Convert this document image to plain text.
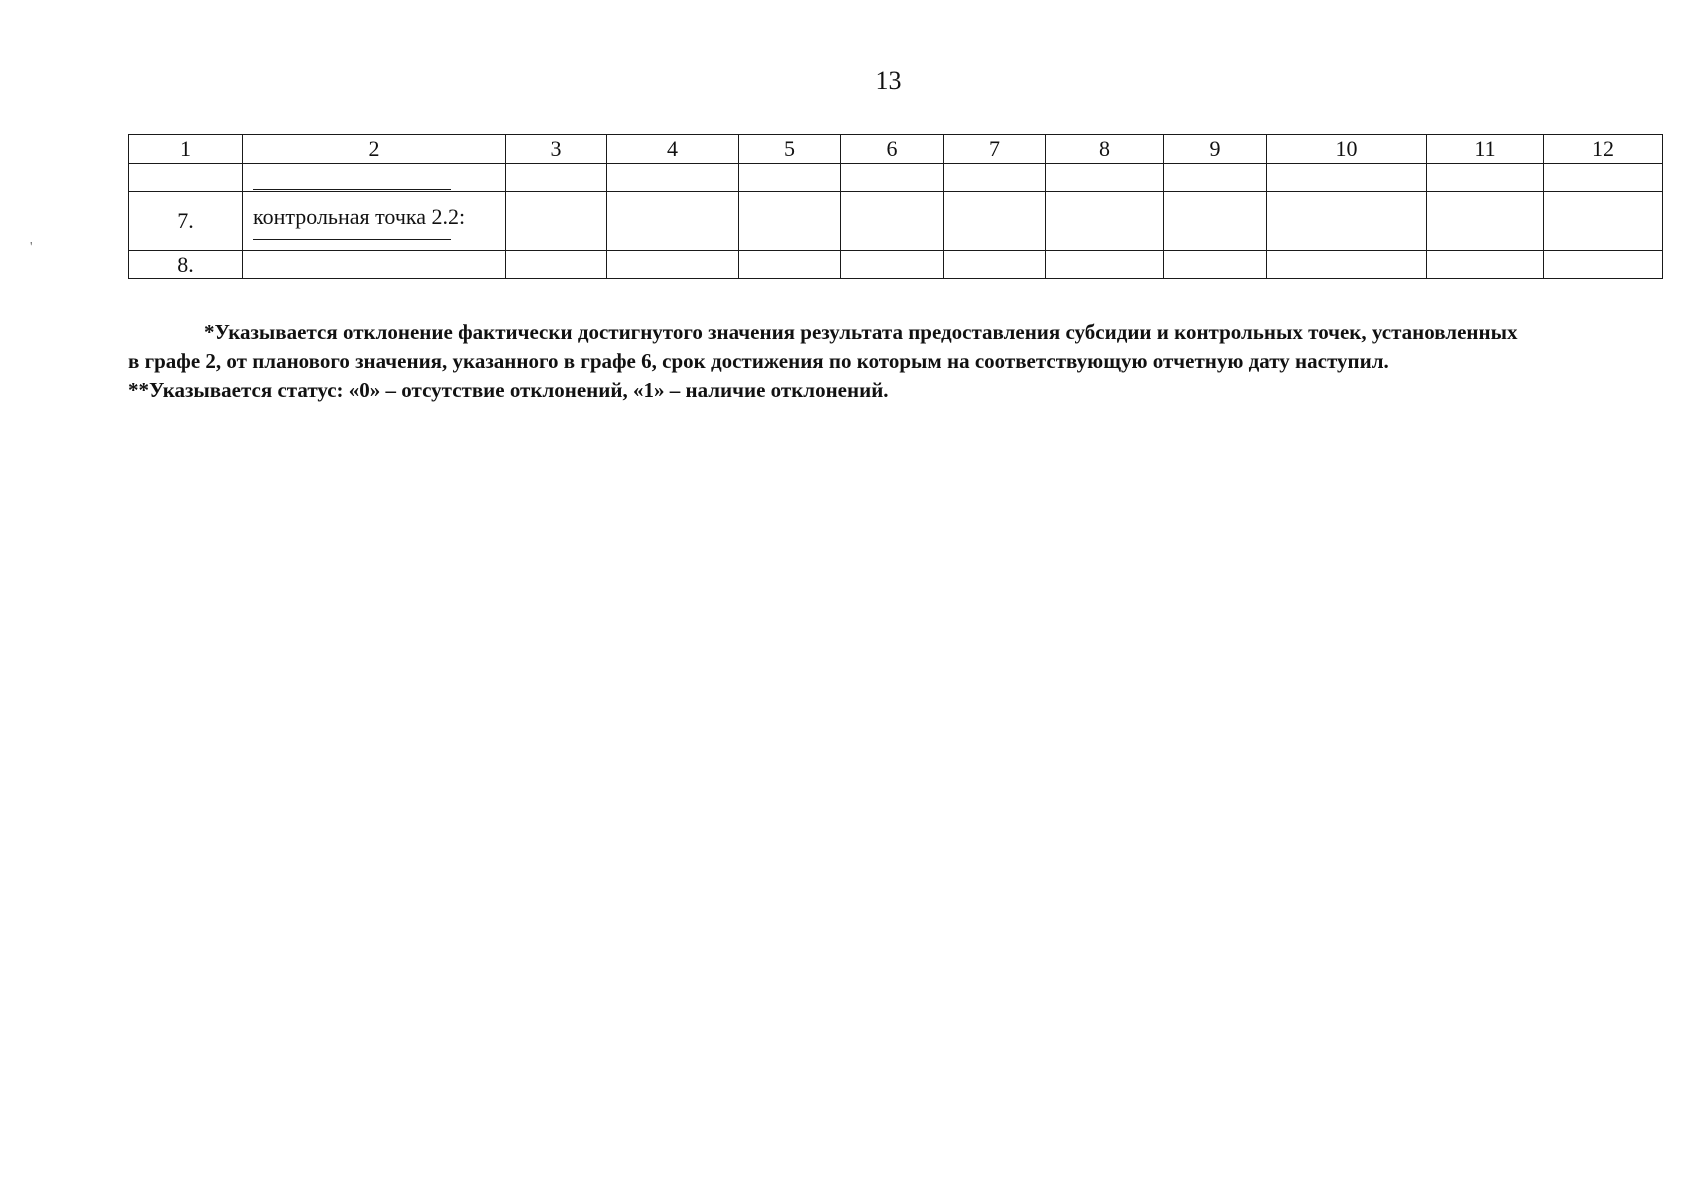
13
'
1	2	3	4	5	6	7	8	9	10	11	12

7.	контрольная точка 2.2:										

8.											

*Указывается отклонение фактически достигнутого значения результата предоставления субсидии и контрольных точек, установленных

в графе 2, от планового значения, указанного в графе 6, срок достижения по которым на соответствующую отчетную дату наступил.

**Указывается статус: «0» – отсутствие отклонений, «1» – наличие отклонений.
